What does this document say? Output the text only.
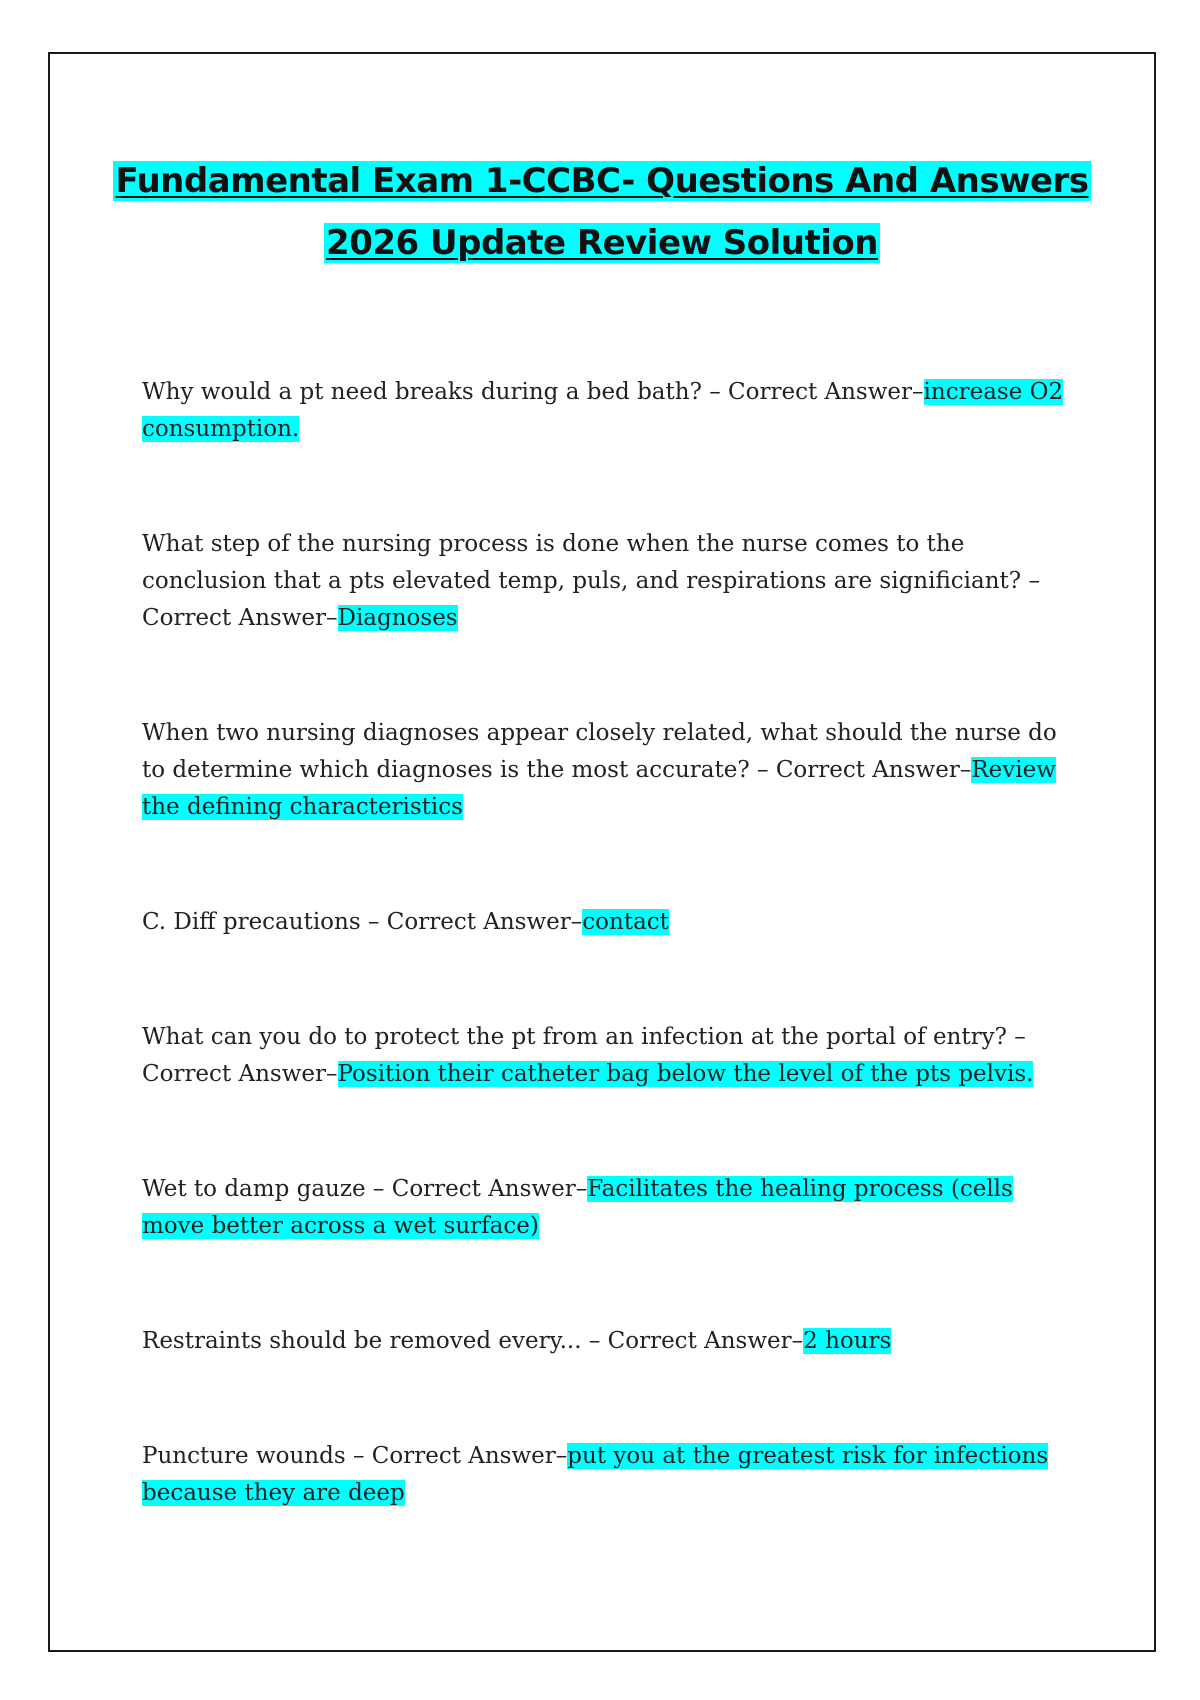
Fundamental Exam 1-CCBC- Questions And Answers
2026 Update Review Solution

Why would a pt need breaks during a bed bath? – Correct Answer–increase O2 consumption.

What step of the nursing process is done when the nurse comes to the conclusion that a pts elevated temp, puls, and respirations are significiant? – Correct Answer–Diagnoses

When two nursing diagnoses appear closely related, what should the nurse do to determine which diagnoses is the most accurate? – Correct Answer–Review the defining characteristics

C. Diff precautions – Correct Answer–contact

What can you do to protect the pt from an infection at the portal of entry? – Correct Answer–Position their catheter bag below the level of the pts pelvis.

Wet to damp gauze – Correct Answer–Facilitates the healing process (cells move better across a wet surface)

Restraints should be removed every... – Correct Answer–2 hours

Puncture wounds – Correct Answer–put you at the greatest risk for infections because they are deep
